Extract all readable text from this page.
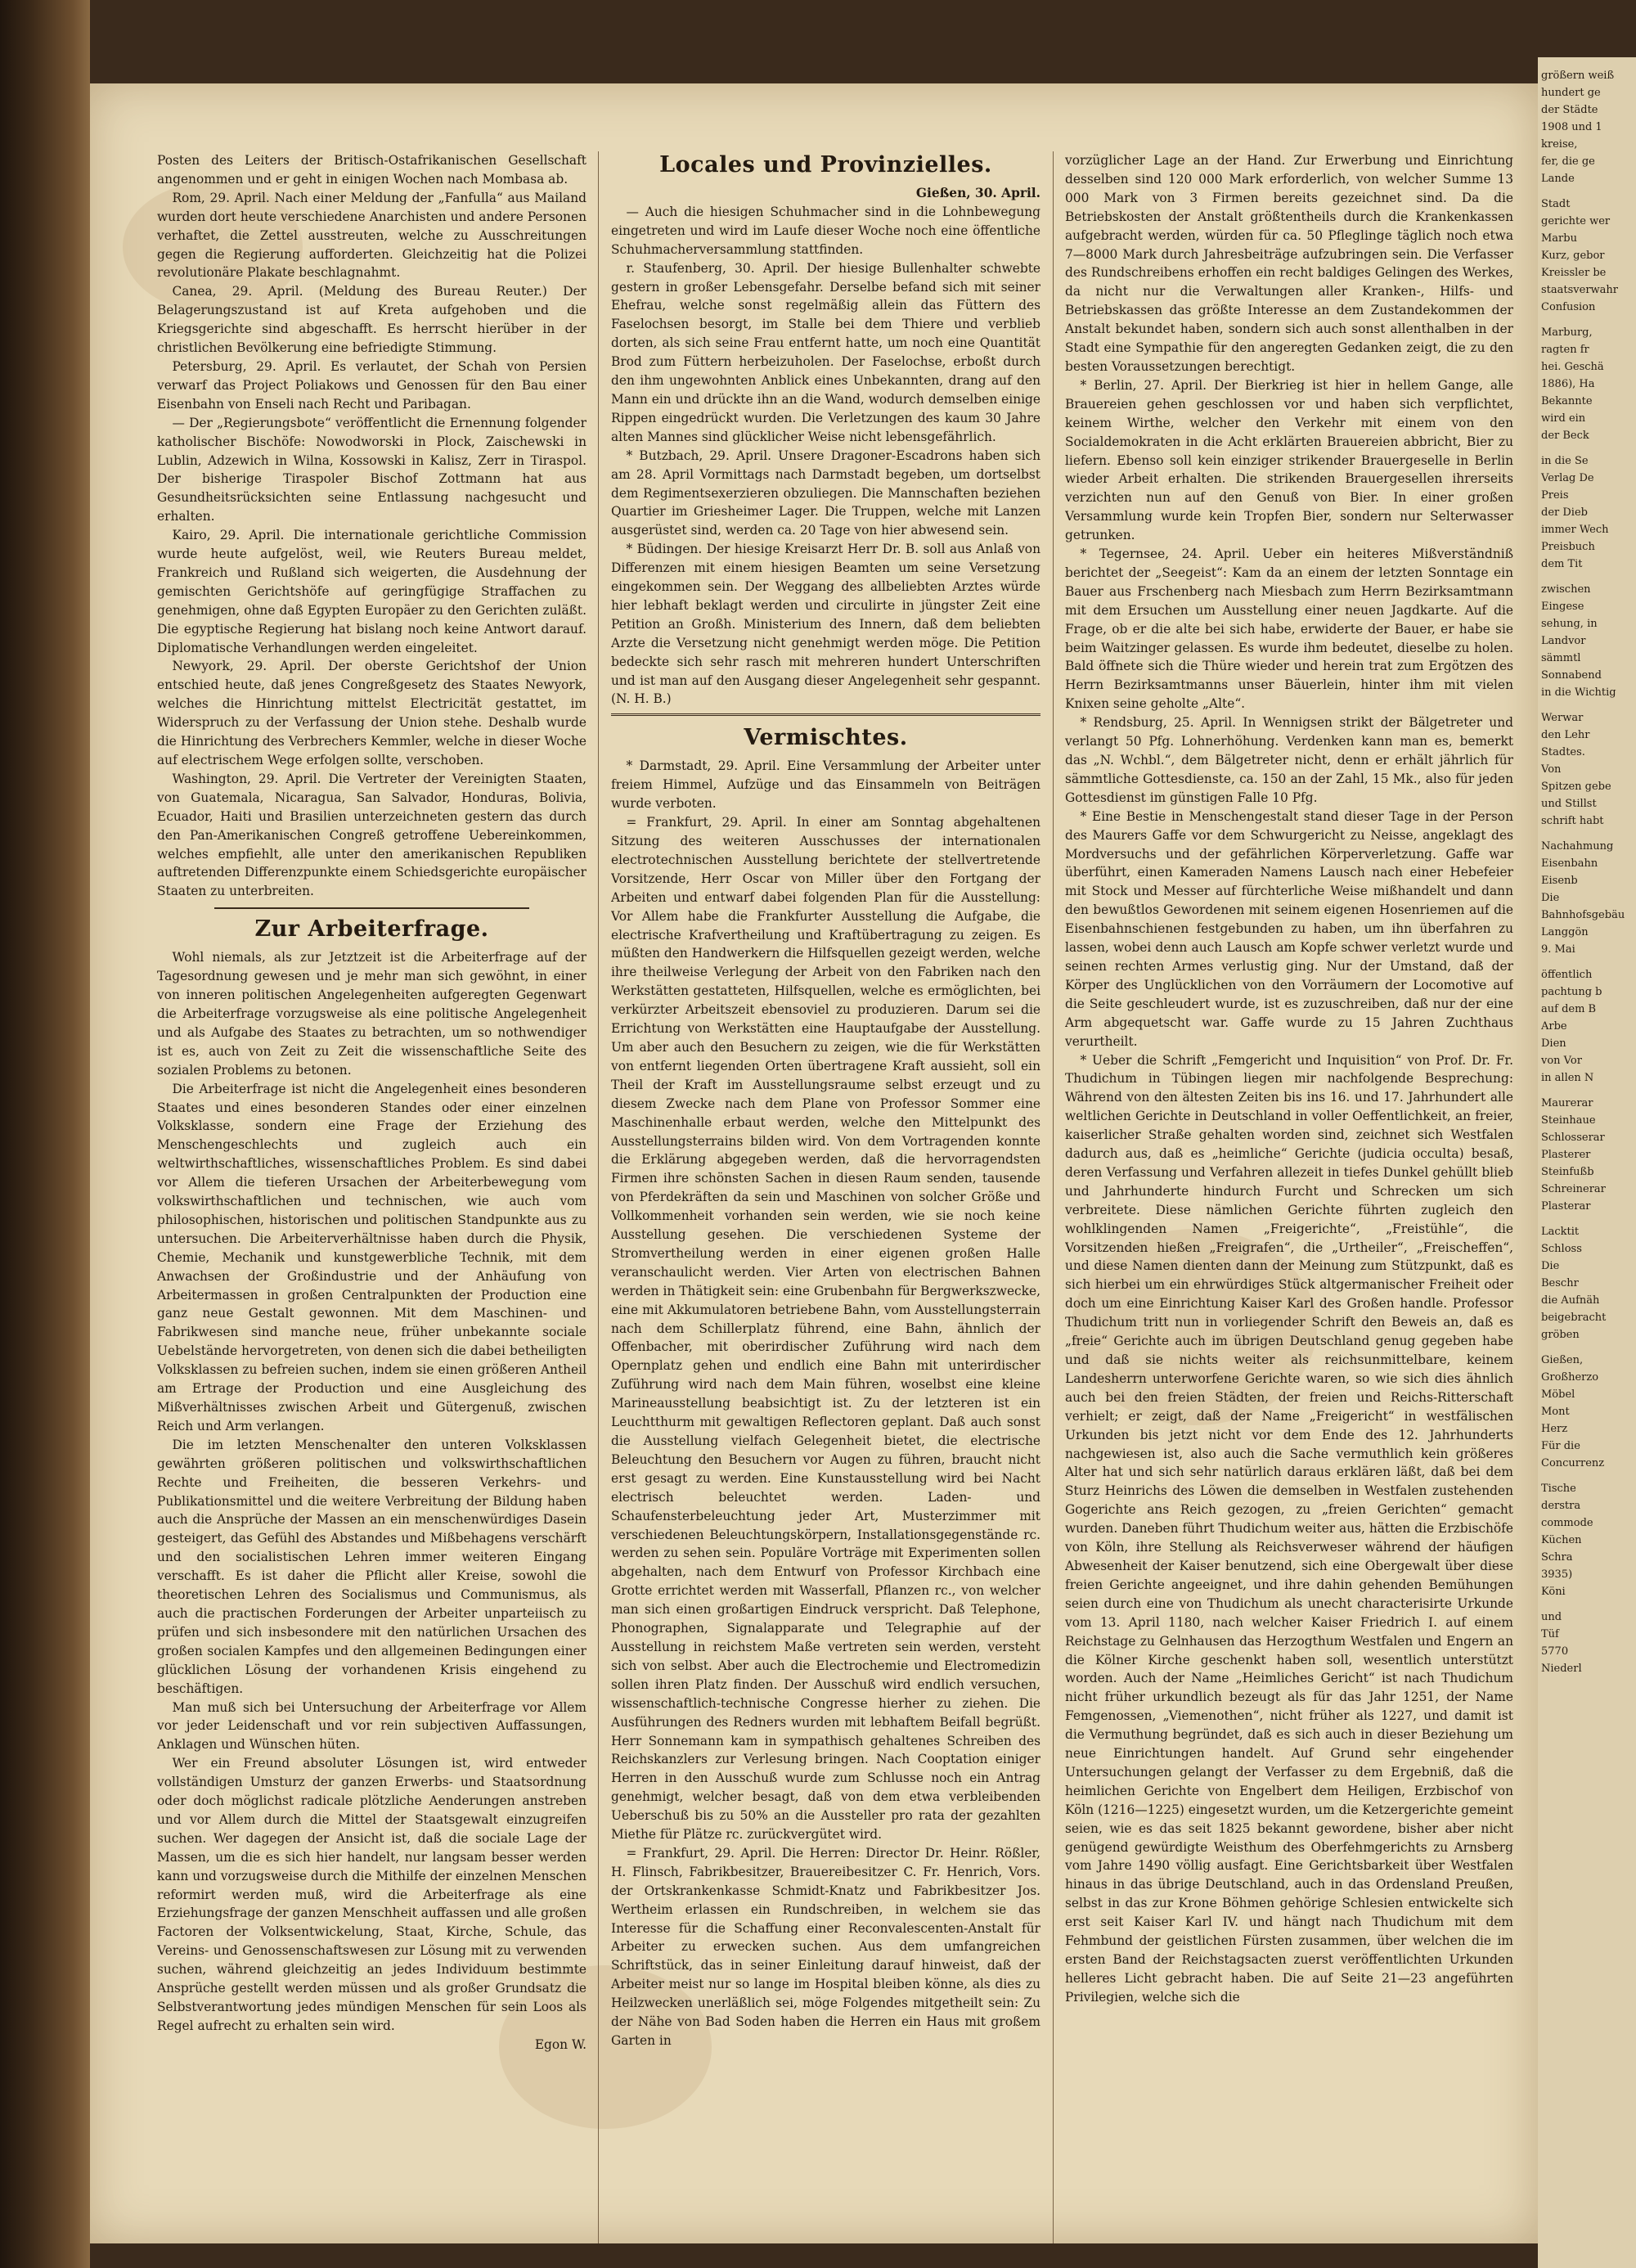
größern weiß

hundert ge

der Städte

1908 und 1

kreise,

fer, die ge

Lande

Stadt

gerichte wer

Marbu

Kurz, gebor

Kreissler be

staatsverwahr

Confusion

Marburg,

ragten fr

hei. Geschä

1886), Ha

Bekannte

wird ein

der Beck

in die Se

Verlag De

Preis

der Dieb

immer Wech

Preisbuch

dem Tit

zwischen

Eingese

sehung, in

Landvor

sämmtl

Sonnabend

in die Wichtig

Werwar

den Lehr

Stadtes.

Von

Spitzen gebe

und Stillst

schrift habt

Nachahmung

Eisenbahn

Eisenb

Die

Bahnhofsgebäu

Langgön

9. Mai

öffentlich

pachtung b

auf dem B

Arbe

Dien

von Vor

in allen N

Maurerar

Steinhaue

Schlosserar

Plasterer

Steinfußb

Schreinerar

Plasterar

Lacktit

Schloss

Die

Beschr

die Aufnäh

beigebracht

gröben

Gießen,

Großherzo

Möbel

Mont

Herz

Für die

Concurrenz

Tische

derstra

commode

Küchen

Schra

3935)

Köni

und

Tüf

5770

Niederl

Posten des Leiters der Britisch-Ostafrikanischen Gesellschaft angenommen und er geht in einigen Wochen nach Mombasa ab.

Rom, 29. April. Nach einer Meldung der „Fanfulla“ aus Mailand wurden dort heute verschiedene Anarchisten und andere Personen verhaftet, die Zettel ausstreuten, welche zu Ausschreitungen gegen die Regierung aufforderten. Gleichzeitig hat die Polizei revolutionäre Plakate beschlagnahmt.

Canea, 29. April. (Meldung des Bureau Reuter.) Der Belagerungszustand ist auf Kreta aufgehoben und die Kriegsgerichte sind abgeschafft. Es herrscht hierüber in der christlichen Bevölkerung eine befriedigte Stimmung.

Petersburg, 29. April. Es verlautet, der Schah von Persien verwarf das Project Poliakows und Genossen für den Bau einer Eisenbahn von Enseli nach Recht und Paribagan.

— Der „Regierungsbote“ veröffentlicht die Ernennung folgender katholischer Bischöfe: Nowodworski in Plock, Zaischewski in Lublin, Adzewich in Wilna, Kossowski in Kalisz, Zerr in Tiraspol. Der bisherige Tiraspoler Bischof Zottmann hat aus Gesundheitsrücksichten seine Entlassung nachgesucht und erhalten.

Kairo, 29. April. Die internationale gerichtliche Commission wurde heute aufgelöst, weil, wie Reuters Bureau meldet, Frankreich und Rußland sich weigerten, die Ausdehnung der gemischten Gerichtshöfe auf geringfügige Straffachen zu genehmigen, ohne daß Egypten Europäer zu den Gerichten zuläßt. Die egyptische Regierung hat bislang noch keine Antwort darauf. Diplomatische Verhandlungen werden eingeleitet.

Newyork, 29. April. Der oberste Gerichtshof der Union entschied heute, daß jenes Congreßgesetz des Staates Newyork, welches die Hinrichtung mittelst Electricität gestattet, im Widerspruch zu der Verfassung der Union stehe. Deshalb wurde die Hinrichtung des Verbrechers Kemmler, welche in dieser Woche auf electrischem Wege erfolgen sollte, verschoben.

Washington, 29. April. Die Vertreter der Vereinigten Staaten, von Guatemala, Nicaragua, San Salvador, Honduras, Bolivia, Ecuador, Haiti und Brasilien unterzeichneten gestern das durch den Pan-Amerikanischen Congreß getroffene Uebereinkommen, welches empfiehlt, alle unter den amerikanischen Republiken auftretenden Differenzpunkte einem Schiedsgerichte europäischer Staaten zu unterbreiten.

Zur Arbeiterfrage.

Wohl niemals, als zur Jetztzeit ist die Arbeiterfrage auf der Tagesordnung gewesen und je mehr man sich gewöhnt, in einer von inneren politischen Angelegenheiten aufgeregten Gegenwart die Arbeiterfrage vorzugsweise als eine politische Angelegenheit und als Aufgabe des Staates zu betrachten, um so nothwendiger ist es, auch von Zeit zu Zeit die wissenschaftliche Seite des sozialen Problems zu betonen.

Die Arbeiterfrage ist nicht die Angelegenheit eines besonderen Staates und eines besonderen Standes oder einer einzelnen Volksklasse, sondern eine Frage der Erziehung des Menschengeschlechts und zugleich auch ein weltwirthschaftliches, wissenschaftliches Problem. Es sind dabei vor Allem die tieferen Ursachen der Arbeiterbewegung vom volkswirthschaftlichen und technischen, wie auch vom philosophischen, historischen und politischen Standpunkte aus zu untersuchen. Die Arbeiterverhältnisse haben durch die Physik, Chemie, Mechanik und kunstgewerbliche Technik, mit dem Anwachsen der Großindustrie und der Anhäufung von Arbeitermassen in großen Centralpunkten der Production eine ganz neue Gestalt gewonnen. Mit dem Maschinen- und Fabrikwesen sind manche neue, früher unbekannte sociale Uebelstände hervorgetreten, von denen sich die dabei betheiligten Volksklassen zu befreien suchen, indem sie einen größeren Antheil am Ertrage der Production und eine Ausgleichung des Mißverhältnisses zwischen Arbeit und Gütergenuß, zwischen Reich und Arm verlangen.

Die im letzten Menschenalter den unteren Volksklassen gewährten größeren politischen und volkswirthschaftlichen Rechte und Freiheiten, die besseren Verkehrs- und Publikationsmittel und die weitere Verbreitung der Bildung haben auch die Ansprüche der Massen an ein menschenwürdiges Dasein gesteigert, das Gefühl des Abstandes und Mißbehagens verschärft und den socialistischen Lehren immer weiteren Eingang verschafft. Es ist daher die Pflicht aller Kreise, sowohl die theoretischen Lehren des Socialismus und Communismus, als auch die practischen Forderungen der Arbeiter unparteiisch zu prüfen und sich insbesondere mit den natürlichen Ursachen des großen socialen Kampfes und den allgemeinen Bedingungen einer glücklichen Lösung der vorhandenen Krisis eingehend zu beschäftigen.

Man muß sich bei Untersuchung der Arbeiterfrage vor Allem vor jeder Leidenschaft und vor rein subjectiven Auffassungen, Anklagen und Wünschen hüten.

Wer ein Freund absoluter Lösungen ist, wird entweder vollständigen Umsturz der ganzen Erwerbs- und Staatsordnung oder doch möglichst radicale plötzliche Aenderungen anstreben und vor Allem durch die Mittel der Staatsgewalt einzugreifen suchen. Wer dagegen der Ansicht ist, daß die sociale Lage der Massen, um die es sich hier handelt, nur langsam besser werden kann und vorzugsweise durch die Mithilfe der einzelnen Menschen reformirt werden muß, wird die Arbeiterfrage als eine Erziehungsfrage der ganzen Menschheit auffassen und alle großen Factoren der Volksentwickelung, Staat, Kirche, Schule, das Vereins- und Genossenschaftswesen zur Lösung mit zu verwenden suchen, während gleichzeitig an jedes Individuum bestimmte Ansprüche gestellt werden müssen und als großer Grundsatz die Selbstverantwortung jedes mündigen Menschen für sein Loos als Regel aufrecht zu erhalten sein wird.

Egon W.

Locales und Provinzielles.

Gießen, 30. April.

— Auch die hiesigen Schuhmacher sind in die Lohnbewegung eingetreten und wird im Laufe dieser Woche noch eine öffentliche Schuhmacherversammlung stattfinden.

r. Staufenberg, 30. April. Der hiesige Bullenhalter schwebte gestern in großer Lebensgefahr. Derselbe befand sich mit seiner Ehefrau, welche sonst regelmäßig allein das Füttern des Faselochsen besorgt, im Stalle bei dem Thiere und verblieb dorten, als sich seine Frau entfernt hatte, um noch eine Quantität Brod zum Füttern herbeizuholen. Der Faselochse, erboßt durch den ihm ungewohnten Anblick eines Unbekannten, drang auf den Mann ein und drückte ihn an die Wand, wodurch demselben einige Rippen eingedrückt wurden. Die Verletzungen des kaum 30 Jahre alten Mannes sind glücklicher Weise nicht lebensgefährlich.

* Butzbach, 29. April. Unsere Dragoner-Escadrons haben sich am 28. April Vormittags nach Darmstadt begeben, um dortselbst dem Regimentsexerzieren obzuliegen. Die Mannschaften beziehen Quartier im Griesheimer Lager. Die Truppen, welche mit Lanzen ausgerüstet sind, werden ca. 20 Tage von hier abwesend sein.

* Büdingen. Der hiesige Kreisarzt Herr Dr. B. soll aus Anlaß von Differenzen mit einem hiesigen Beamten um seine Versetzung eingekommen sein. Der Weggang des allbeliebten Arztes würde hier lebhaft beklagt werden und circulirte in jüngster Zeit eine Petition an Großh. Ministerium des Innern, daß dem beliebten Arzte die Versetzung nicht genehmigt werden möge. Die Petition bedeckte sich sehr rasch mit mehreren hundert Unterschriften und ist man auf den Ausgang dieser Angelegenheit sehr gespannt. (N. H. B.)

Vermischtes.

* Darmstadt, 29. April. Eine Versammlung der Arbeiter unter freiem Himmel, Aufzüge und das Einsammeln von Beiträgen wurde verboten.

= Frankfurt, 29. April. In einer am Sonntag abgehaltenen Sitzung des weiteren Ausschusses der internationalen electrotechnischen Ausstellung berichtete der stellvertretende Vorsitzende, Herr Oscar von Miller über den Fortgang der Arbeiten und entwarf dabei folgenden Plan für die Ausstellung: Vor Allem habe die Frankfurter Ausstellung die Aufgabe, die electrische Krafvertheilung und Kraftübertragung zu zeigen. Es müßten den Handwerkern die Hilfsquellen gezeigt werden, welche ihre theilweise Verlegung der Arbeit von den Fabriken nach den Werkstätten gestatteten, Hilfsquellen, welche es ermöglichten, bei verkürzter Arbeitszeit ebensoviel zu produzieren. Darum sei die Errichtung von Werkstätten eine Hauptaufgabe der Ausstellung. Um aber auch den Besuchern zu zeigen, wie die für Werkstätten von entfernt liegenden Orten übertragene Kraft aussieht, soll ein Theil der Kraft im Ausstellungsraume selbst erzeugt und zu diesem Zwecke nach dem Plane von Professor Sommer eine Maschinenhalle erbaut werden, welche den Mittelpunkt des Ausstellungsterrains bilden wird. Von dem Vortragenden konnte die Erklärung abgegeben werden, daß die hervorragendsten Firmen ihre schönsten Sachen in diesen Raum senden, tausende von Pferdekräften da sein und Maschinen von solcher Größe und Vollkommenheit vorhanden sein werden, wie sie noch keine Ausstellung gesehen. Die verschiedenen Systeme der Stromvertheilung werden in einer eigenen großen Halle veranschaulicht werden. Vier Arten von electrischen Bahnen werden in Thätigkeit sein: eine Grubenbahn für Bergwerkszwecke, eine mit Akkumulatoren betriebene Bahn, vom Ausstellungsterrain nach dem Schillerplatz führend, eine Bahn, ähnlich der Offenbacher, mit oberirdischer Zuführung wird nach dem Opernplatz gehen und endlich eine Bahn mit unterirdischer Zuführung wird nach dem Main führen, woselbst eine kleine Marineausstellung beabsichtigt ist. Zu der letzteren ist ein Leuchtthurm mit gewaltigen Reflectoren geplant. Daß auch sonst die Ausstellung vielfach Gelegenheit bietet, die electrische Beleuchtung den Besuchern vor Augen zu führen, braucht nicht erst gesagt zu werden. Eine Kunstausstellung wird bei Nacht electrisch beleuchtet werden. Laden- und Schaufensterbeleuchtung jeder Art, Musterzimmer mit verschiedenen Beleuchtungskörpern, Installationsgegenstände rc. werden zu sehen sein. Populäre Vorträge mit Experimenten sollen abgehalten, nach dem Entwurf von Professor Kirchbach eine Grotte errichtet werden mit Wasserfall, Pflanzen rc., von welcher man sich einen großartigen Eindruck verspricht. Daß Telephone, Phonographen, Signalapparate und Telegraphie auf der Ausstellung in reichstem Maße vertreten sein werden, versteht sich von selbst. Aber auch die Electrochemie und Electromedizin sollen ihren Platz finden. Der Ausschuß wird endlich versuchen, wissenschaftlich-technische Congresse hierher zu ziehen. Die Ausführungen des Redners wurden mit lebhaftem Beifall begrüßt. Herr Sonnemann kam in sympathisch gehaltenes Schreiben des Reichskanzlers zur Verlesung bringen. Nach Cooptation einiger Herren in den Ausschuß wurde zum Schlusse noch ein Antrag genehmigt, welcher besagt, daß von dem etwa verbleibenden Ueberschuß bis zu 50% an die Aussteller pro rata der gezahlten Miethe für Plätze rc. zurückvergütet wird.

= Frankfurt, 29. April. Die Herren: Director Dr. Heinr. Rößler, H. Flinsch, Fabrikbesitzer, Brauereibesitzer C. Fr. Henrich, Vors. der Ortskrankenkasse Schmidt-Knatz und Fabrikbesitzer Jos. Wertheim erlassen ein Rundschreiben, in welchem sie das Interesse für die Schaffung einer Reconvalescenten-Anstalt für Arbeiter zu erwecken suchen. Aus dem umfangreichen Schriftstück, das in seiner Einleitung darauf hinweist, daß der Arbeiter meist nur so lange im Hospital bleiben könne, als dies zu Heilzwecken unerläßlich sei, möge Folgendes mitgetheilt sein: Zu der Nähe von Bad Soden haben die Herren ein Haus mit großem Garten in

vorzüglicher Lage an der Hand. Zur Erwerbung und Einrichtung desselben sind 120 000 Mark erforderlich, von welcher Summe 13 000 Mark von 3 Firmen bereits gezeichnet sind. Da die Betriebskosten der Anstalt größtentheils durch die Krankenkassen aufgebracht werden, würden für ca. 50 Pfleglinge täglich noch etwa 7—8000 Mark durch Jahresbeiträge aufzubringen sein. Die Verfasser des Rundschreibens erhoffen ein recht baldiges Gelingen des Werkes, da nicht nur die Verwaltungen aller Kranken-, Hilfs- und Betriebskassen das größte Interesse an dem Zustandekommen der Anstalt bekundet haben, sondern sich auch sonst allenthalben in der Stadt eine Sympathie für den angeregten Gedanken zeigt, die zu den besten Voraussetzungen berechtigt.

* Berlin, 27. April. Der Bierkrieg ist hier in hellem Gange, alle Brauereien gehen geschlossen vor und haben sich verpflichtet, keinem Wirthe, welcher den Verkehr mit einem von den Socialdemokraten in die Acht erklärten Brauereien abbricht, Bier zu liefern. Ebenso soll kein einziger strikender Brauergeselle in Berlin wieder Arbeit erhalten. Die strikenden Brauergesellen ihrerseits verzichten nun auf den Genuß von Bier. In einer großen Versammlung wurde kein Tropfen Bier, sondern nur Selterwasser getrunken.

* Tegernsee, 24. April. Ueber ein heiteres Mißverständniß berichtet der „Seegeist“: Kam da an einem der letzten Sonntage ein Bauer aus Frschenberg nach Miesbach zum Herrn Bezirksamtmann mit dem Ersuchen um Ausstellung einer neuen Jagdkarte. Auf die Frage, ob er die alte bei sich habe, erwiderte der Bauer, er habe sie beim Waitzinger gelassen. Es wurde ihm bedeutet, dieselbe zu holen. Bald öffnete sich die Thüre wieder und herein trat zum Ergötzen des Herrn Bezirksamtmanns unser Bäuerlein, hinter ihm mit vielen Knixen seine geholte „Alte“.

* Rendsburg, 25. April. In Wennigsen strikt der Bälgetreter und verlangt 50 Pfg. Lohnerhöhung. Verdenken kann man es, bemerkt das „N. Wchbl.“, dem Bälgetreter nicht, denn er erhält jährlich für sämmtliche Gottesdienste, ca. 150 an der Zahl, 15 Mk., also für jeden Gottesdienst im günstigen Falle 10 Pfg.

* Eine Bestie in Menschengestalt stand dieser Tage in der Person des Maurers Gaffe vor dem Schwurgericht zu Neisse, angeklagt des Mordversuchs und der gefährlichen Körperverletzung. Gaffe war überführt, einen Kameraden Namens Lausch nach einer Hebefeier mit Stock und Messer auf fürchterliche Weise mißhandelt und dann den bewußtlos Gewordenen mit seinem eigenen Hosenriemen auf die Eisenbahnschienen festgebunden zu haben, um ihn überfahren zu lassen, wobei denn auch Lausch am Kopfe schwer verletzt wurde und seinen rechten Armes verlustig ging. Nur der Umstand, daß der Körper des Unglücklichen von den Vorräumern der Locomotive auf die Seite geschleudert wurde, ist es zuzuschreiben, daß nur der eine Arm abgequetscht war. Gaffe wurde zu 15 Jahren Zuchthaus verurtheilt.

* Ueber die Schrift „Femgericht und Inquisition“ von Prof. Dr. Fr. Thudichum in Tübingen liegen mir nachfolgende Besprechung: Während von den ältesten Zeiten bis ins 16. und 17. Jahrhundert alle weltlichen Gerichte in Deutschland in voller Oeffentlichkeit, an freier, kaiserlicher Straße gehalten worden sind, zeichnet sich Westfalen dadurch aus, daß es „heimliche“ Gerichte (judicia occulta) besaß, deren Verfassung und Verfahren allezeit in tiefes Dunkel gehüllt blieb und Jahrhunderte hindurch Furcht und Schrecken um sich verbreitete. Diese nämlichen Gerichte führten zugleich den wohlklingenden Namen „Freigerichte“, „Freistühle“, die Vorsitzenden hießen „Freigrafen“, die „Urtheiler“, „Freischeffen“, und diese Namen dienten dann der Meinung zum Stützpunkt, daß es sich hierbei um ein ehrwürdiges Stück altgermanischer Freiheit oder doch um eine Einrichtung Kaiser Karl des Großen handle. Professor Thudichum tritt nun in vorliegender Schrift den Beweis an, daß es „freie“ Gerichte auch im übrigen Deutschland genug gegeben habe und daß sie nichts weiter als reichsunmittelbare, keinem Landesherrn unterworfene Gerichte waren, so wie sich dies ähnlich auch bei den freien Städten, der freien und Reichs-Ritterschaft verhielt; er zeigt, daß der Name „Freigericht“ in westfälischen Urkunden bis jetzt nicht vor dem Ende des 12. Jahrhunderts nachgewiesen ist, also auch die Sache vermuthlich kein größeres Alter hat und sich sehr natürlich daraus erklären läßt, daß bei dem Sturz Heinrichs des Löwen die demselben in Westfalen zustehenden Gogerichte ans Reich gezogen, zu „freien Gerichten“ gemacht wurden. Daneben führt Thudichum weiter aus, hätten die Erzbischöfe von Köln, ihre Stellung als Reichsverweser während der häufigen Abwesenheit der Kaiser benutzend, sich eine Obergewalt über diese freien Gerichte angeeignet, und ihre dahin gehenden Bemühungen seien durch eine von Thudichum als unecht characterisirte Urkunde vom 13. April 1180, nach welcher Kaiser Friedrich I. auf einem Reichstage zu Gelnhausen das Herzogthum Westfalen und Engern an die Kölner Kirche geschenkt haben soll, wesentlich unterstützt worden. Auch der Name „Heimliches Gericht“ ist nach Thudichum nicht früher urkundlich bezeugt als für das Jahr 1251, der Name Femgenossen, „Viemenothen“, nicht früher als 1227, und damit ist die Vermuthung begründet, daß es sich auch in dieser Beziehung um neue Einrichtungen handelt. Auf Grund sehr eingehender Untersuchungen gelangt der Verfasser zu dem Ergebniß, daß die heimlichen Gerichte von Engelbert dem Heiligen, Erzbischof von Köln (1216—1225) eingesetzt wurden, um die Ketzergerichte gemeint seien, wie es das seit 1825 bekannt gewordene, bisher aber nicht genügend gewürdigte Weisthum des Oberfehmgerichts zu Arnsberg vom Jahre 1490 völlig ausfagt. Eine Gerichtsbarkeit über Westfalen hinaus in das übrige Deutschland, auch in das Ordensland Preußen, selbst in das zur Krone Böhmen gehörige Schlesien entwickelte sich erst seit Kaiser Karl IV. und hängt nach Thudichum mit dem Fehmbund der geistlichen Fürsten zusammen, über welchen die im ersten Band der Reichstagsacten zuerst veröffentlichten Urkunden helleres Licht gebracht haben. Die auf Seite 21—23 angeführten Privilegien, welche sich die
